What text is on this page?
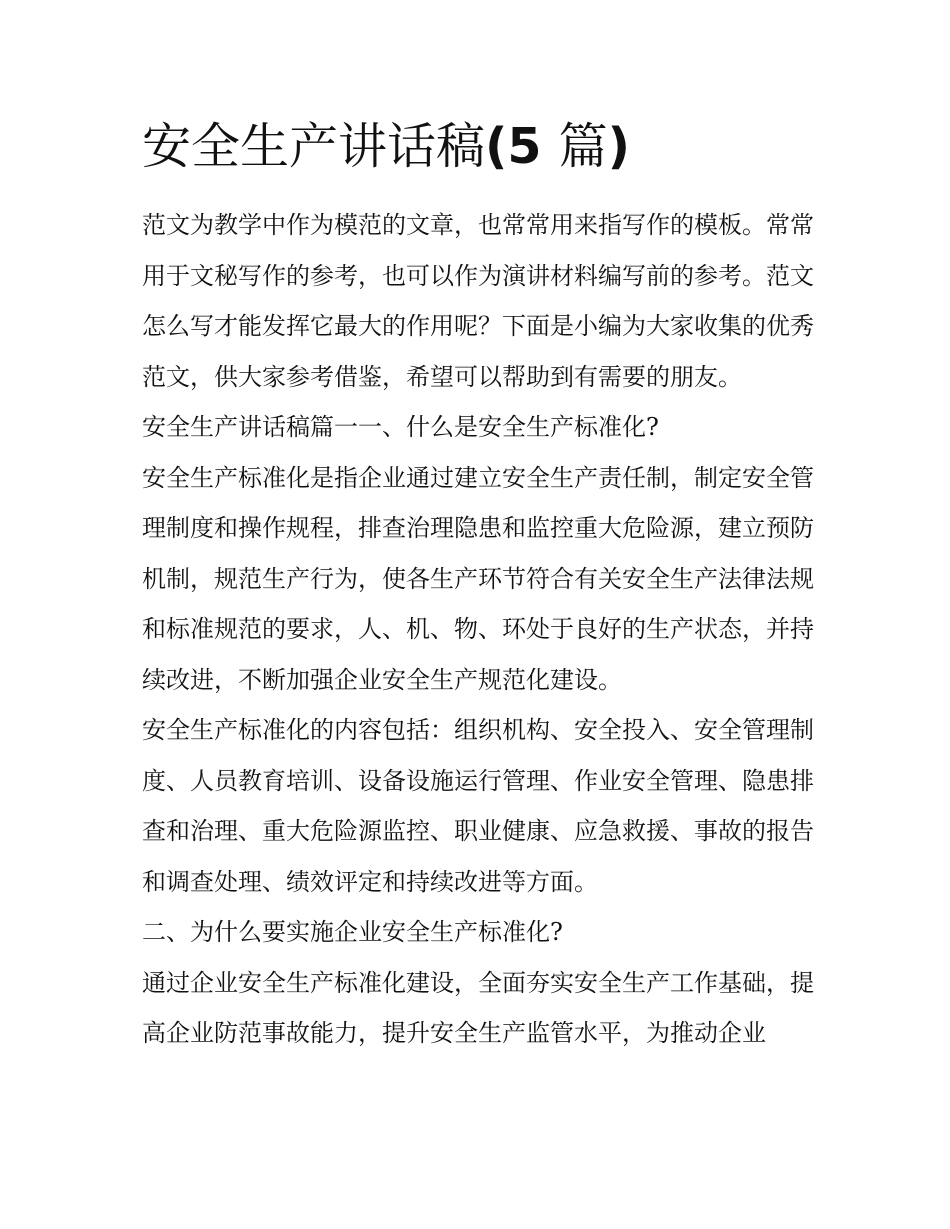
安全生产讲话稿(5 篇)

范文为教学中作为模范的文章，也常常用来指写作的模板。常常用于文秘写作的参考，也可以作为演讲材料编写前的参考。范文怎么写才能发挥它最大的作用呢？下面是小编为大家收集的优秀范文，供大家参考借鉴，希望可以帮助到有需要的朋友。

安全生产讲话稿篇一一、什么是安全生产标准化?

安全生产标准化是指企业通过建立安全生产责任制，制定安全管理制度和操作规程，排查治理隐患和监控重大危险源，建立预防机制，规范生产行为，使各生产环节符合有关安全生产法律法规和标准规范的要求，人、机、物、环处于良好的生产状态，并持续改进，不断加强企业安全生产规范化建设。

安全生产标准化的内容包括：组织机构、安全投入、安全管理制度、人员教育培训、设备设施运行管理、作业安全管理、隐患排查和治理、重大危险源监控、职业健康、应急救援、事故的报告和调查处理、绩效评定和持续改进等方面。

二、为什么要实施企业安全生产标准化?

通过企业安全生产标准化建设，全面夯实安全生产工作基础，提高企业防范事故能力，提升安全生产监管水平，为推动企业
